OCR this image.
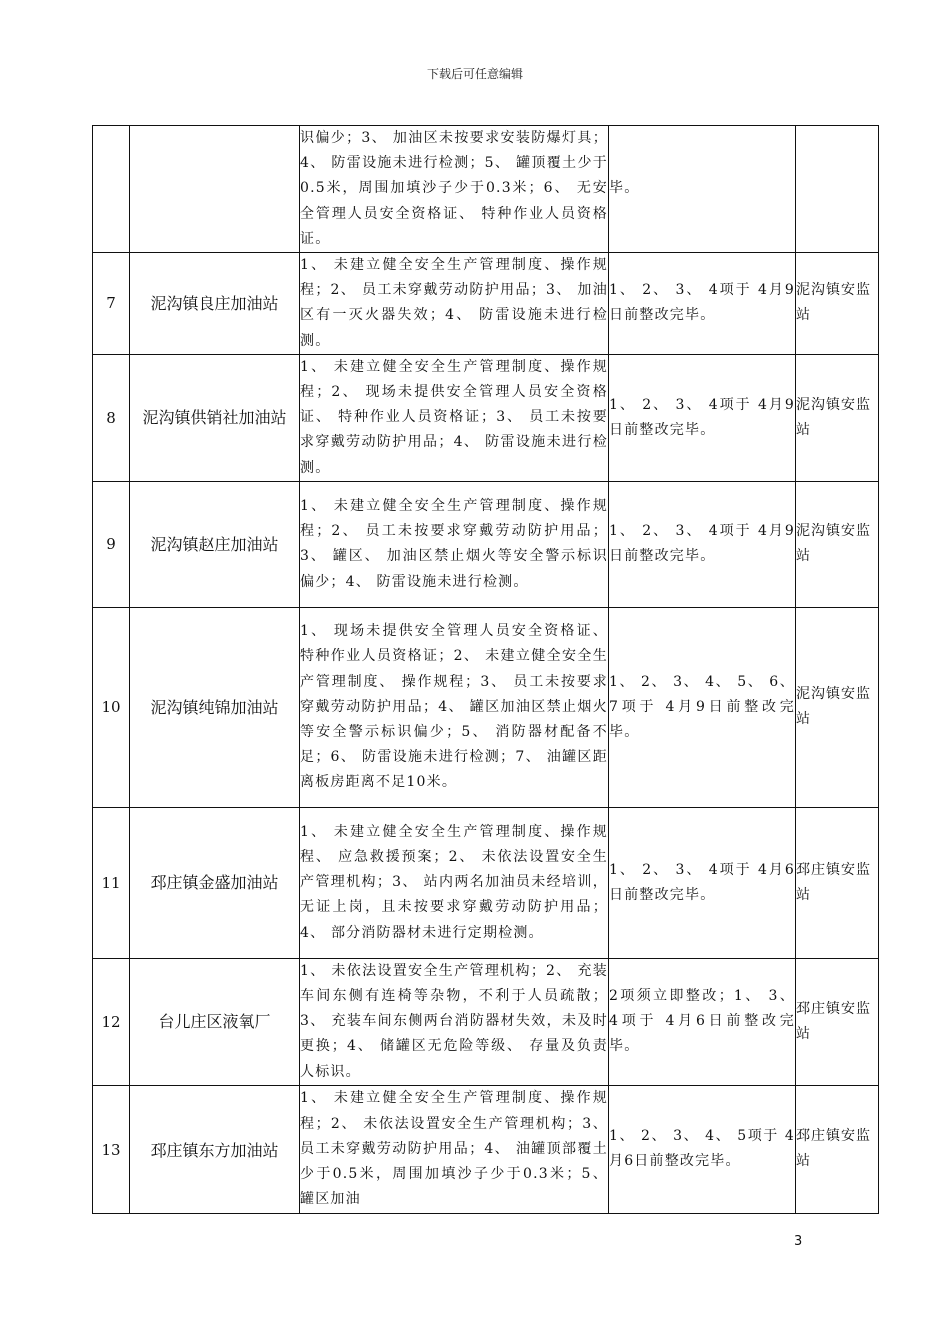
下载后可任意编辑
		识偏少；3、 加油区未按要求安装防爆灯具；4、 防雷设施未进行检测；5、 罐顶覆土少于0.5米，周围加填沙子少于0.3米；6、 无安全管理人员安全资格证、 特种作业人员资格证。	毕。	
7	泥沟镇良庄加油站	1、 未建立健全安全生产管理制度、操作规程；2、 员工未穿戴劳动防护用品；3、 加油区有一灭火器失效；4、 防雷设施未进行检测。	1、 2、 3、 4项于 4月9日前整改完毕。	泥沟镇安监站
8	泥沟镇供销社加油站	1、 未建立健全安全生产管理制度、操作规程；2、 现场未提供安全管理人员安全资格证、 特种作业人员资格证；3、 员工未按要求穿戴劳动防护用品；4、 防雷设施未进行检测。	1、 2、 3、 4项于 4月9日前整改完毕。	泥沟镇安监站
9	泥沟镇赵庄加油站	1、 未建立健全安全生产管理制度、操作规程；2、 员工未按要求穿戴劳动防护用品；3、 罐区、 加油区禁止烟火等安全警示标识偏少；4、 防雷设施未进行检测。	1、 2、 3、 4项于 4月9日前整改完毕。	泥沟镇安监站
10	泥沟镇纯锦加油站	1、 现场未提供安全管理人员安全资格证、 特种作业人员资格证；2、 未建立健全安全生产管理制度、 操作规程；3、 员工未按要求穿戴劳动防护用品；4、 罐区加油区禁止烟火等安全警示标识偏少；5、 消防器材配备不足；6、 防雷设施未进行检测；7、 油罐区距离板房距离不足10米。	1、 2、 3、 4、 5、 6、 7项于 4月9日前整改完毕。	泥沟镇安监站
11	邳庄镇金盛加油站	1、 未建立健全安全生产管理制度、操作规程、 应急救援预案；2、 未依法设置安全生产管理机构；3、 站内两名加油员未经培训，无证上岗，且未按要求穿戴劳动防护用品；4、 部分消防器材未进行定期检测。	1、 2、 3、 4项于 4月6日前整改完毕。	邳庄镇安监站
12	台儿庄区液氧厂	1、 未依法设置安全生产管理机构；2、 充装车间东侧有连椅等杂物，不利于人员疏散；3、 充装车间东侧两台消防器材失效，未及时更换；4、 储罐区无危险等级、 存量及负责人标识。	2项须立即整改；1、 3、 4项于 4月6日前整改完毕。	邳庄镇安监站
13	邳庄镇东方加油站	1、 未建立健全安全生产管理制度、操作规程；2、 未依法设置安全生产管理机构；3、 员工未穿戴劳动防护用品；4、 油罐顶部覆土少于0.5米，周围加填沙子少于0.3米；5、 罐区加油	1、 2、 3、 4、 5项于 4月6日前整改完毕。	邳庄镇安监站
3
